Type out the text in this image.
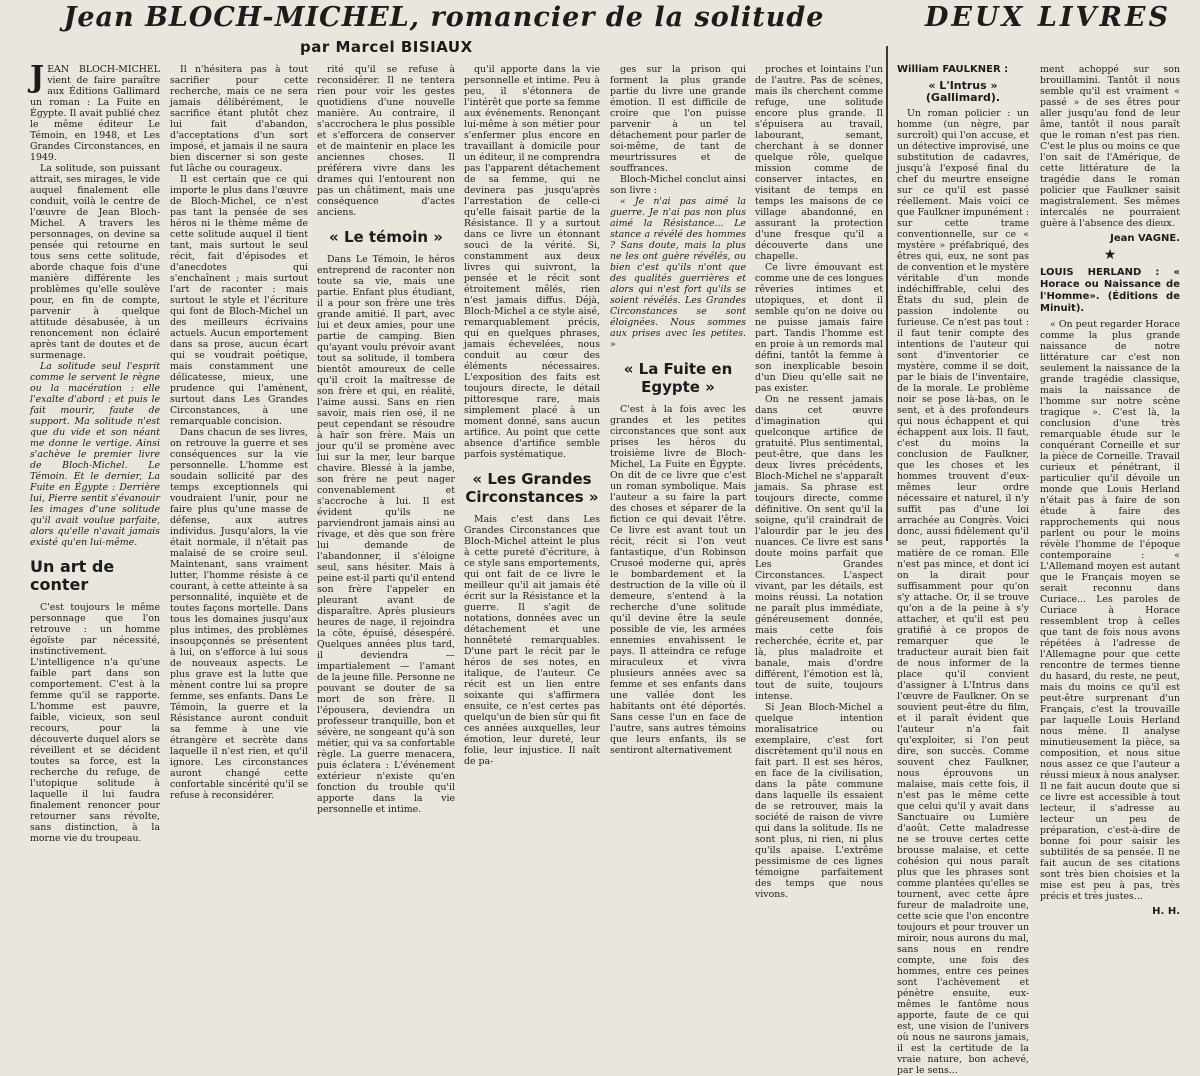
Jean BLOCH-MICHEL, romancier de la solitude
par Marcel BISIAUX
DEUX LIVRES

JEAN BLOCH-MICHEL vient de faire paraître aux Éditions Gallimard un roman : La Fuite en Égypte. Il avait publié chez le même éditeur Le Témoin, en 1948, et Les Grandes Circonstances, en 1949.

La solitude, son puissant attrait, ses mirages, le vide auquel finalement elle conduit, voilà le centre de l'œuvre de Jean Bloch-Michel. A travers les personnages, on devine sa pensée qui retourne en tous sens cette solitude, aborde chaque fois d'une manière différente les problèmes qu'elle soulève pour, en fin de compte, parvenir à quelque attitude désabusée, à un renoncement non éclairé après tant de doutes et de surmenage.

La solitude seul l'esprit comme le servent le règne ou la macération : elle l'exalte d'abord : et puis le fait mourir, faute de support. Ma solitude n'est que du vide et son néant me donne le vertige. Ainsi s'achève le premier livre de Bloch-Michel. Le Témoin. Et le dernier, La Fuite en Égypte : Derrière lui, Pierre sentit s'évanouir les images d'une solitude qu'il avait voulue parfaite, alors qu'elle n'avait jamais existé qu'en lui-même.

Un art de conter

C'est toujours le même personnage que l'on retrouve : un homme égoïste par nécessité, instinctivement. L'intelligence n'a qu'une faible part dans son comportement. C'est à la femme qu'il se rapporte. L'homme est pauvre, faible, vicieux, son seul recours, pour la découverte duquel alors se réveillent et se décident toutes sa force, est la recherche du refuge, de l'utopique solitude à laquelle il lui faudra finalement renoncer pour retourner sans révolte, sans distinction, à la morne vie du troupeau.

Il n'hésitera pas à tout sacrifier pour cette recherche, mais ce ne sera jamais délibérément, le sacrifice étant plutôt chez lui fait d'abandon, d'acceptations d'un sort imposé, et jamais il ne saura bien discerner si son geste fut lâche ou courageux.

Il est certain que ce qui importe le plus dans l'œuvre de Bloch-Michel, ce n'est pas tant la pensée de ses héros ni le thème même de cette solitude auquel il tient tant, mais surtout le seul récit, fait d'épisodes et d'anecdotes qui s'enchaînent ; mais surtout l'art de raconter : mais surtout le style et l'écriture qui font de Bloch-Michel un des meilleurs écrivains actuels. Aucun emportement dans sa prose, aucun écart qui se voudrait poétique, mais constamment une délicatesse, mieux, une prudence qui l'amènent, surtout dans Les Grandes Circonstances, à une remarquable concision.

Dans chacun de ses livres, on retrouve la guerre et ses conséquences sur la vie personnelle. L'homme est soudain sollicité par des temps exceptionnels qui voudraient l'unir, pour ne faire plus qu'une masse de défense, aux autres individus. Jusqu'alors, la vie était normale, il n'était pas malaisé de se croire seul. Maintenant, sans vraiment lutter, l'homme résiste à ce courant, à cette atteinte à sa personnalité, inquiète et de toutes façons mortelle. Dans tous les domaines jusqu'aux plus intimes, des problèmes insoupçonnés se présentent à lui, on s'efforce à lui sous de nouveaux aspects. Le plus grave est la lutte que mènent contre lui sa propre femme, ses enfants. Dans Le Témoin, la guerre et la Résistance auront conduit sa femme à une vie étrangère et secrète dans laquelle il n'est rien, et qu'il ignore. Les circonstances auront changé cette confortable sincérité qu'il se refuse à reconsidérer.

rité qu'il se refuse à reconsidérer. Il ne tentera rien pour voir les gestes quotidiens d'une nouvelle manière. Au contraire, il s'accrochera le plus possible et s'efforcera de conserver et de maintenir en place les anciennes choses. Il préférera vivre dans les drames qui l'entourent non pas un châtiment, mais une conséquence d'actes anciens.

« Le témoin »

Dans Le Témoin, le héros entreprend de raconter non toute sa vie, mais une partie. Enfant plus étudiant, il a pour son frère une très grande amitié. Il part, avec lui et deux amies, pour une partie de camping. Bien qu'ayant voulu prévoir avant tout sa solitude, il tombera bientôt amoureux de celle qu'il croit la maîtresse de son frère et qui, en réalité, l'aime aussi. Sans en rien savoir, mais rien osé, il ne peut cependant se résoudre à haïr son frère. Mais un jour qu'il se promène avec lui sur la mer, leur barque chavire. Blessé à la jambe, son frère ne peut nager convenablement et s'accroche à lui. Il est évident qu'ils ne parviendront jamais ainsi au rivage, et dès que son frère lui demande de l'abandonner, il s'éloigne seul, sans hésiter. Mais à peine est-il parti qu'il entend son frère l'appeler en pleurant avant de disparaître. Après plusieurs heures de nage, il rejoindra la côte, épuisé, désespéré. Quelques années plus tard, il deviendra — impartialement — l'amant de la jeune fille. Personne ne pouvant se douter de sa mort de son frère. Il l'épousera, deviendra un professeur tranquille, bon et sévère, ne songeant qu'à son métier, qui va sa confortable règle. La guerre menacera, puis éclatera : L'événement extérieur n'existe qu'en fonction du trouble qu'il apporte dans la vie personnelle et intime.

qu'il apporte dans la vie personnelle et intime. Peu à peu, il s'étonnera de l'intérêt que porte sa femme aux événements. Renonçant lui-même à son métier pour s'enfermer plus encore en travaillant à domicile pour un éditeur, il ne comprendra pas l'apparent détachement de sa femme, qui ne devinera pas jusqu'après l'arrestation de celle-ci qu'elle faisait partie de la Résistance. Il y a surtout dans ce livre un étonnant souci de la vérité. Si, constamment aux deux livres qui suivront, la pensée et le récit sont étroitement mêlés, rien n'est jamais diffus. Déjà, Bloch-Michel a ce style aisé, remarquablement précis, qui en quelques phrases, jamais échevelées, nous conduit au cœur des éléments nécessaires. L'exposition des faits est toujours directe, le détail pittoresque rare, mais simplement placé à un moment donné, sans aucun artifice. Au point que cette absence d'artifice semble parfois systématique.

« Les Grandes Circonstances »

Mais c'est dans Les Grandes Circonstances que Bloch-Michel atteint le plus à cette pureté d'écriture, à ce style sans emportements, qui ont fait de ce livre le meilleur qu'il ait jamais été écrit sur la Résistance et la guerre. Il s'agit de notations, données avec un détachement et une honnêteté remarquables. D'une part le récit par le héros de ses notes, en italique, de l'auteur. Ce récit est un lien entre soixante qui s'affirmera ensuite, ce n'est certes pas quelqu'un de bien sûr qui fit ces années auxquelles, leur émotion, leur dureté, leur folie, leur injustice. Il naît de pa-

ges sur la prison qui forment la plus grande partie du livre une grande émotion. Il est difficile de croire que l'on puisse parvenir à un tel détachement pour parler de soi-même, de tant de meurtrissures et de souffrances.

Bloch-Michel conclut ainsi son livre :

« Je n'ai pas aimé la guerre. Je n'ai pas non plus aimé la Résistance... Le stance a révélé des hommes ? Sans doute, mais la plus ne les ont guère révélés, ou bien c'est qu'ils n'ont que des qualités guerrières et alors qui n'est fort qu'ils se soient révélés. Les Grandes Circonstances se sont éloignées. Nous sommes aux prises avec les petites. »

« La Fuite en Egypte »

C'est à la fois avec les grandes et les petites circonstances que sont aux prises les héros du troisième livre de Bloch-Michel, La Fuite en Égypte. On dit de ce livre que c'est un roman symbolique. Mais l'auteur a su faire la part des choses et séparer de la fiction ce qui devait l'être. Ce livre est avant tout un récit, récit si l'on veut fantastique, d'un Robinson Crusoé moderne qui, après le bombardement et la destruction de la ville où il demeure, s'entend à la recherche d'une solitude qu'il devine être la seule possible de vie, les armées ennemies envahissent le pays. Il atteindra ce refuge miraculeux et vivra plusieurs années avec sa femme et ses enfants dans une vallée dont les habitants ont été déportés. Sans cesse l'un en face de l'autre, sans autres témoins que leurs enfants, ils se sentiront alternativement

proches et lointains l'un de l'autre. Pas de scènes, mais ils cherchent comme refuge, une solitude encore plus grande. Il s'épuisera au travail, labourant, semant, cherchant à se donner quelque rôle, quelque mission comme de conserver intactes, en visitant de temps en temps les maisons de ce village abandonné, en assurant la protection d'une fresque qu'il a découverte dans une chapelle.

Ce livre émouvant est comme une de ces longues rêveries intimes et utopiques, et dont il semble qu'on ne doive ou ne puisse jamais faire part. Tandis l'homme est en proie à un remords mal défini, tantôt la femme à son inexplicable besoin d'un Dieu qu'elle sait ne pas exister.

On ne ressent jamais dans cet œuvre d'imagination qui quelconque artifice de gratuité. Plus sentimental, peut-être, que dans les deux livres précédents, Bloch-Michel ne s'apparaît jamais. Sa phrase est toujours directe, comme définitive. On sent qu'il la soigne, qu'il craindrait de l'alourdir par le jeu des nuances. Ce livre est sans doute moins parfait que Les Grandes Circonstances. L'aspect vivant, par les détails, est moins réussi. La notation ne paraît plus immédiate, généreusement donnée, mais cette fois recherchée, écrite et, par là, plus maladroite et banale, mais d'ordre différent, l'émotion est là, tout de suite, toujours intense.

Si Jean Bloch-Michel a quelque intention moralisatrice ou exemplaire, c'est fort discrètement qu'il nous en fait part. Il est ses héros, en face de la civilisation, dans la pâte commune dans laquelle ils essaient de se retrouver, mais la société de raison de vivre qui dans la solitude. Ils ne sont plus, ni rien, ni plus qu'ils apaise. L'extrême pessimisme de ces lignes témoigne parfaitement des temps que nous vivons.

William FAULKNER :
« L'Intrus » (Gallimard).

Un roman policier : un homme (un nègre, par surcroît) qui l'on accuse, et un détective improvisé, une substitution de cadavres, jusqu'à l'exposé final du chef du meurtre enseigne sur ce qu'il est passé réellement. Mais voici ce que Faulkner impunément : sur cette trame conventionnelle, sur ce « mystère » préfabriqué, des êtres qui, eux, ne sont pas de convention et le mystère véritable d'un monde indéchiffrable, celui des États du sud, plein de passion indolente ou furieuse. Ce n'est pas tout : il faut tenir compte des intentions de l'auteur qui sont d'inventorier ce mystère, comme il se doit, par le biais de l'inventaire, de la morale. Le problème noir se pose là-bas, on le sent, et à des profondeurs qui nous échappent et qui échappent aux lois. Il faut, c'est du moins la conclusion de Faulkner, que les choses et les hommes trouvent d'eux-mêmes leur ordre nécessaire et naturel, il n'y suffit pas d'une loi arrachée au Congrès. Voici donc, aussi fidèlement qu'il se peut, rapportés la matière de ce roman. Elle n'est pas mince, et dont ici on la dirait pour suffisamment pour qu'on s'y attache. Or, il se trouve qu'on a de la peine à s'y attacher, et qu'il est peu gratifié à ce propos de remarquer que le traducteur aurait bien fait de nous informer de la place qu'il convient d'assigner à L'Intrus dans l'œuvre de Faulkner. On se souvient peut-être du film, et il paraît évident que l'auteur n'a fait qu'exploiter, si l'on peut dire, son succès. Comme souvent chez Faulkner, nous éprouvons un malaise, mais cette fois, il n'est pas le même cette que celui qu'il y avait dans Sanctuaire ou Lumière d'août. Cette maladresse ne se trouve certes cette brousse malaise, et cette cohésion qui nous paraît plus que les phrases sont comme plantées qu'elles se tournent, avec cette âpre fureur de maladroite une, cette scie que l'on encontre toujours et pour trouver un miroir, nous aurons du mal, sans nous en rendre compte, une fois des hommes, entre ces peines sont l'achèvement et pénètre ensuite, eux-mêmes le fantôme nous apporte, faute de ce qui est, une vision de l'univers où nous ne saurons jamais, il est la certitude de la vraie nature, bon achevé, par le sens...

ment achoppé sur son brouillamini. Tantôt il nous semble qu'il est vraiment « passé » de ses êtres pour aller jusqu'au fond de leur âme, tantôt il nous paraît que le roman n'est pas rien. C'est le plus ou moins ce que l'on sait de l'Amérique, de cette littérature de la tragédie dans le roman policier que Faulkner saisit magistralement. Ses mêmes intercalés ne pourraient guère à l'absence des dieux.

Jean VAGNE.
★
LOUIS HERLAND : « Horace ou Naissance de l'Homme». (Éditions de Minuit).

« On peut regarder Horace comme la plus grande naissance de notre littérature car c'est non seulement la naissance de la grande tragédie classique, mais la naissance de l'homme sur notre scène tragique ». C'est là, la conclusion d'une très remarquable étude sur le conquérant Corneille et sur la pièce de Corneille. Travail curieux et pénétrant, il particulier qu'il dévoile un monde que Louis Herland n'était pas à faire de son étude à faire des rapprochements qui nous parlent ou pour le moins révèle l'homme de l'époque contemporaine : « L'Allemand moyen est autant que le Français moyen se serait reconnu dans Curiace... Les paroles de Curiace à Horace ressemblent trop à celles que tant de fois nous avons répétées à l'adresse de l'Allemagne pour que cette rencontre de termes tienne du hasard, du reste, ne peut, mais du moins ce qu'il est peut-être surprenant d'un Français, c'est la trouvaille par laquelle Louis Herland nous mène. Il analyse minutieusement la pièce, sa composition, et nous situe nous assez ce que l'auteur a réussi mieux à nous analyser. Il ne fait aucun doute que si ce livre est accessible à tout lecteur, il s'adresse au lecteur un peu de préparation, c'est-à-dire de bonne foi pour saisir les subtilités de sa pensée. Il ne fait aucun de ses citations sont très bien choisies et la mise est peu à pas, très précis et très justes...

H. H.
